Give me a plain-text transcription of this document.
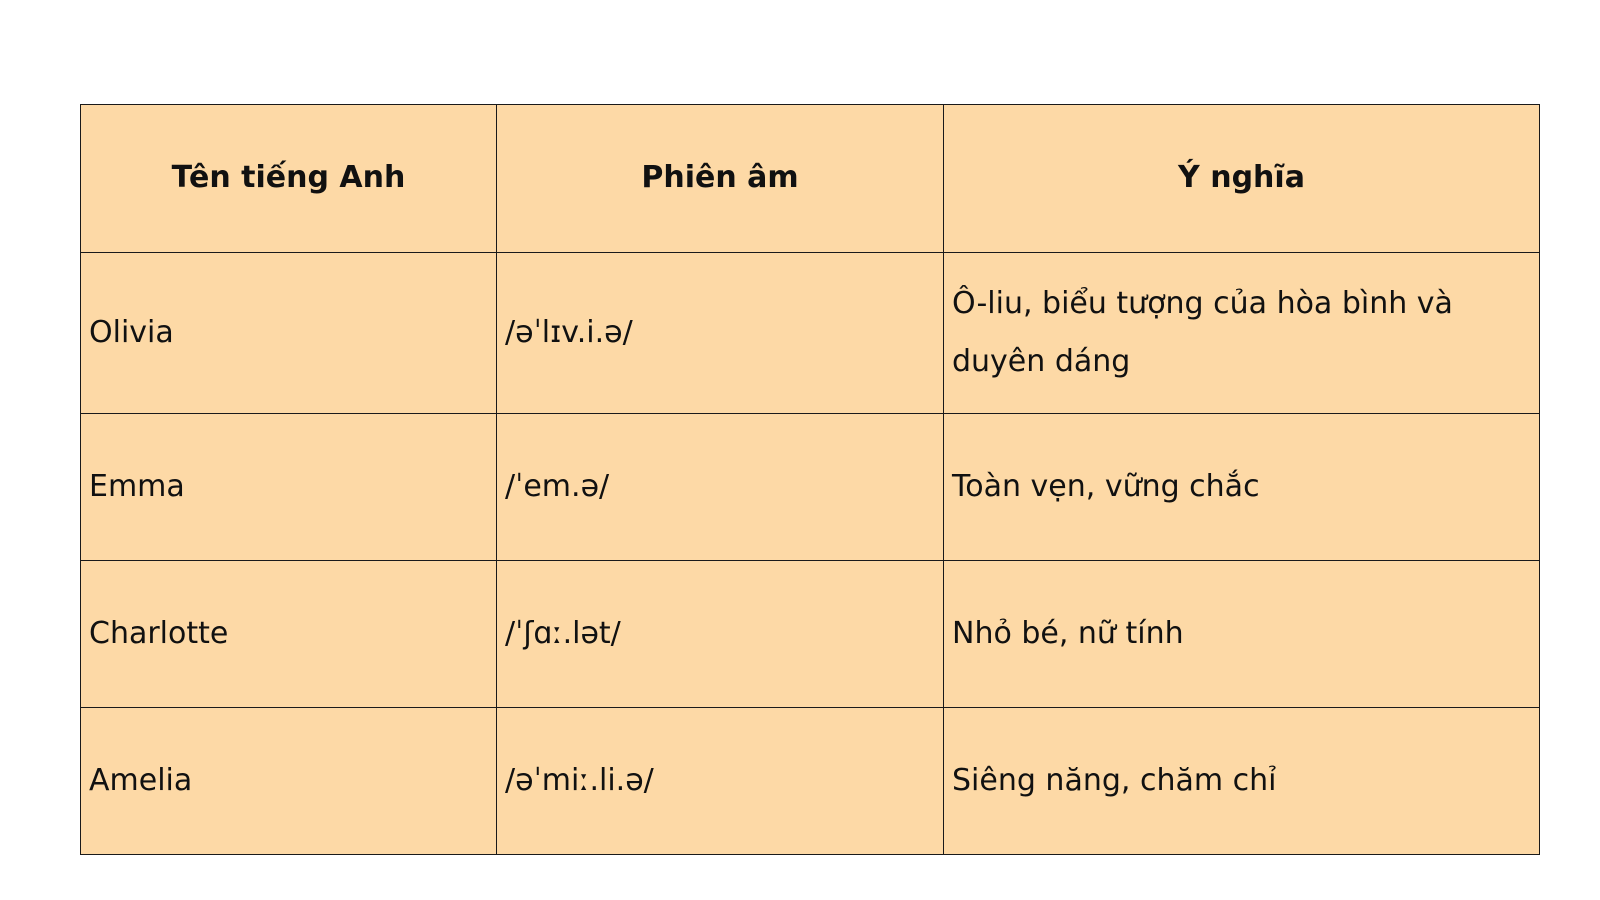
Tên tiếng Anh	Phiên âm	Ý nghĩa
Olivia	/əˈlɪv.i.ə/	Ô-liu, biểu tượng của hòa bình và duyên dáng
Emma	/ˈem.ə/	Toàn vẹn, vững chắc
Charlotte	/ˈʃɑː.lət/	Nhỏ bé, nữ tính
Amelia	/əˈmiː.li.ə/	Siêng năng, chăm chỉ
